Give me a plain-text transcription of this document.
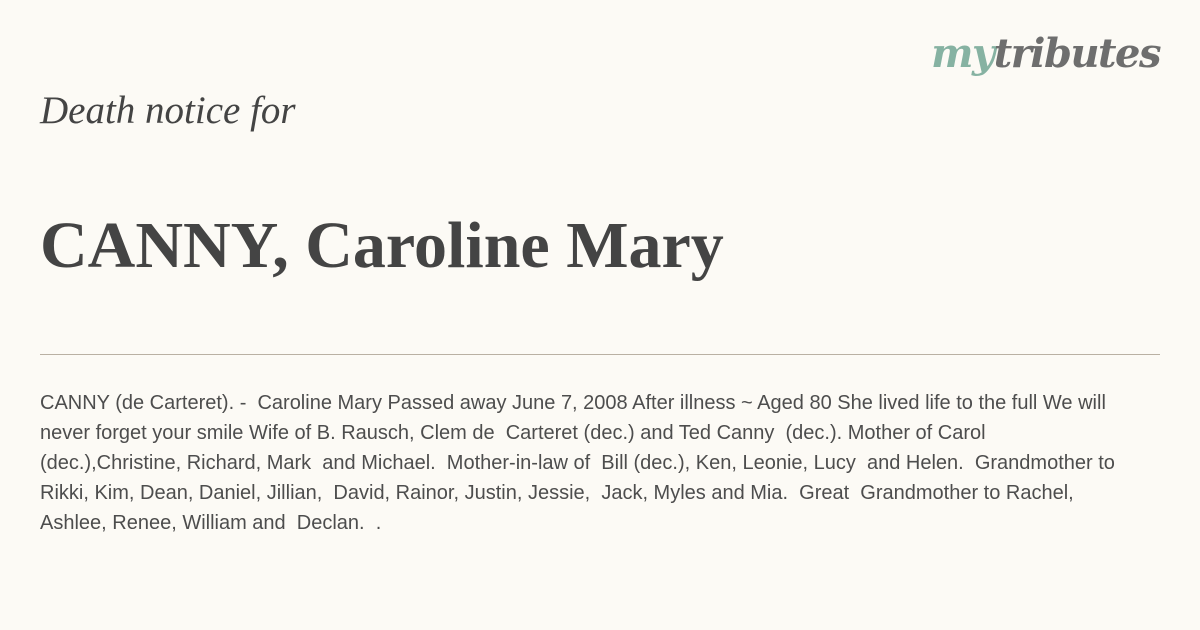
mytributes
Death notice for
CANNY, Caroline Mary

CANNY (de Carteret). -  Caroline Mary Passed away June 7, 2008 After illness ~ Aged 80 She lived life to the full We will never forget your smile Wife of B. Rausch, Clem de  Carteret (dec.) and Ted Canny  (dec.). Mother of Carol (dec.),Christine, Richard, Mark  and Michael.  Mother-in-law of  Bill (dec.), Ken, Leonie, Lucy  and Helen.  Grandmother to  Rikki, Kim, Dean, Daniel, Jillian,  David, Rainor, Justin, Jessie,  Jack, Myles and Mia.  Great  Grandmother to Rachel, Ashlee, Renee, William and  Declan.  .
